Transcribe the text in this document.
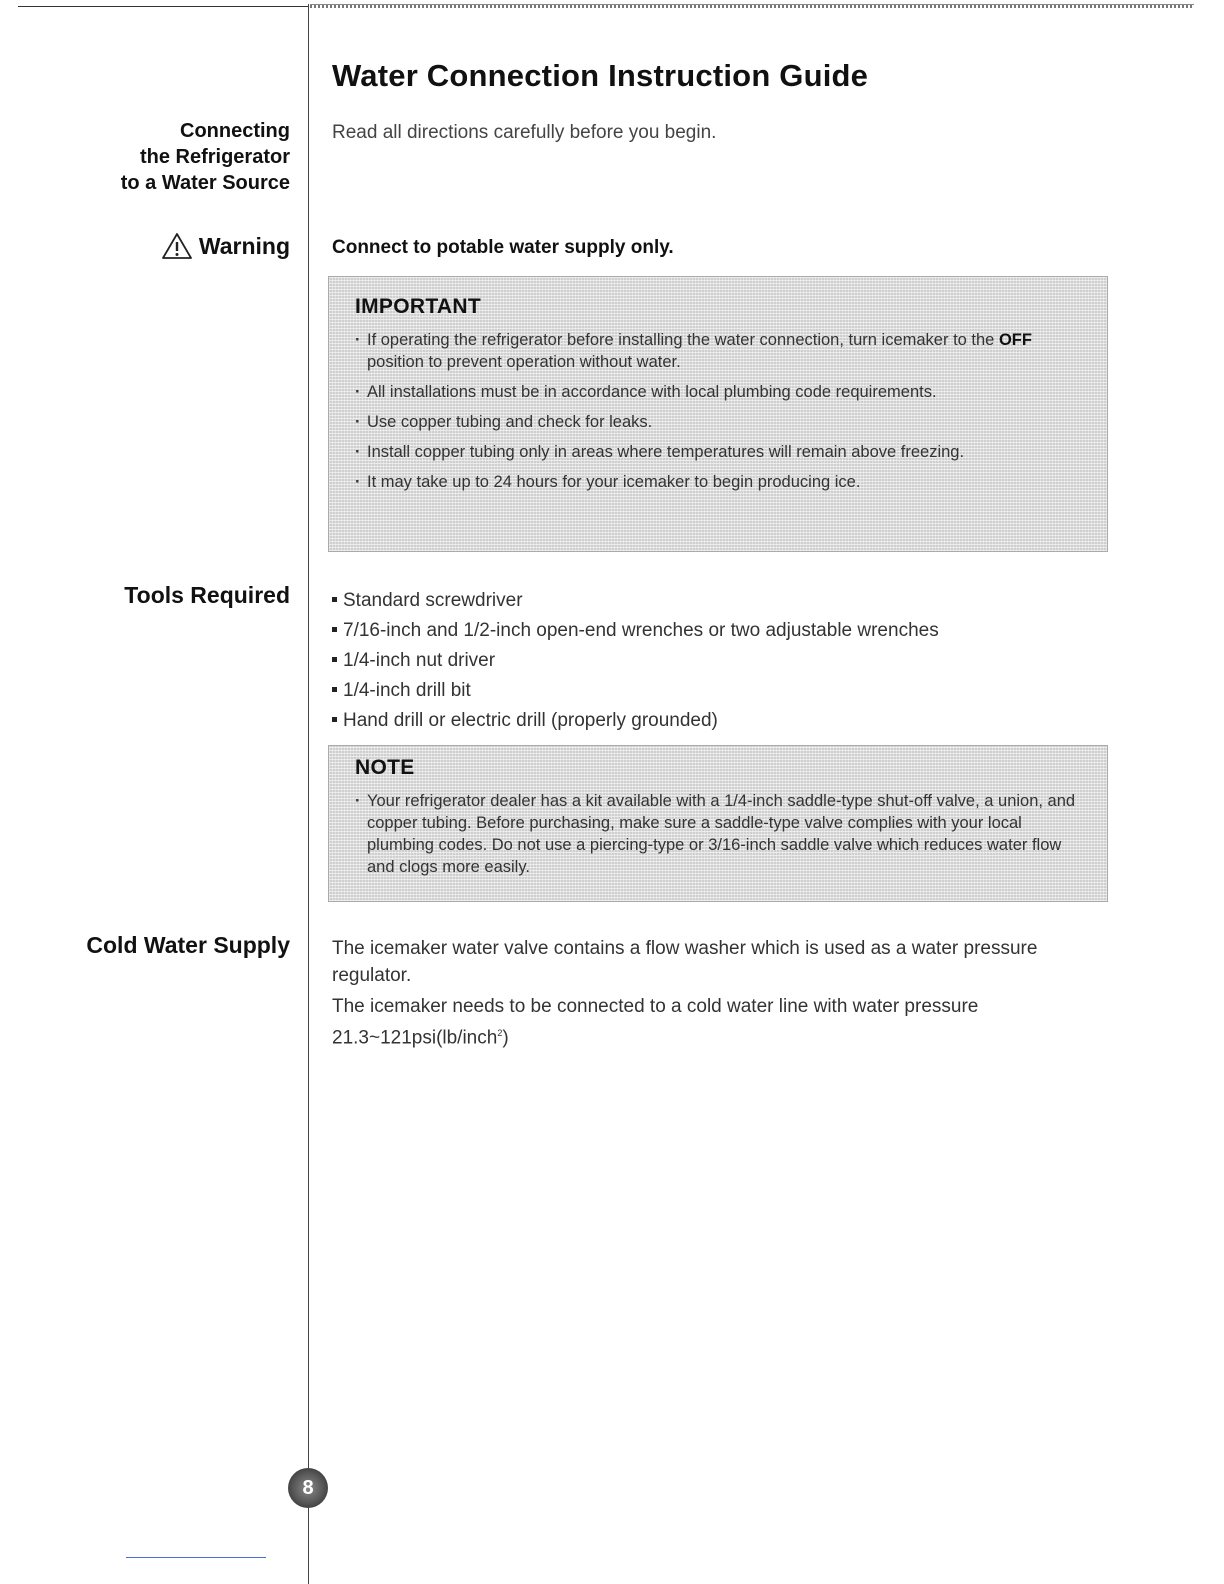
Water Connection Instruction Guide
Connecting
the Refrigerator
to a Water Source
Read all directions carefully before you begin.
Warning Connect to potable water supply only.
IMPORTANT
· If operating the refrigerator before installing the water connection, turn icemaker to the OFF position to prevent operation without water.
· All installations must be in accordance with local plumbing code requirements.
· Use copper tubing and check for leaks.
· Install copper tubing only in areas where temperatures will remain above freezing.
· It may take up to 24 hours for your icemaker to begin producing ice.
Tools Required	Standard screwdriver
7/16-inch and 1/2-inch open-end wrenches or two adjustable wrenches
1/4-inch nut driver
1/4-inch drill bit
Hand drill or electric drill (properly grounded)
NOTE
· Your refrigerator dealer has a kit available with a 1/4-inch saddle-type shut-off valve, a union, and copper tubing. Before purchasing, make sure a saddle-type valve complies with your local plumbing codes. Do not use a piercing-type or 3/16-inch saddle valve which reduces water flow and clogs more easily.
Cold Water Supply The icemaker water valve contains a flow washer which is used as a water pressure regulator.

The icemaker needs to be connected to a cold water line with water pressure 21.3~121psi(lb/inch$^2$)

8
